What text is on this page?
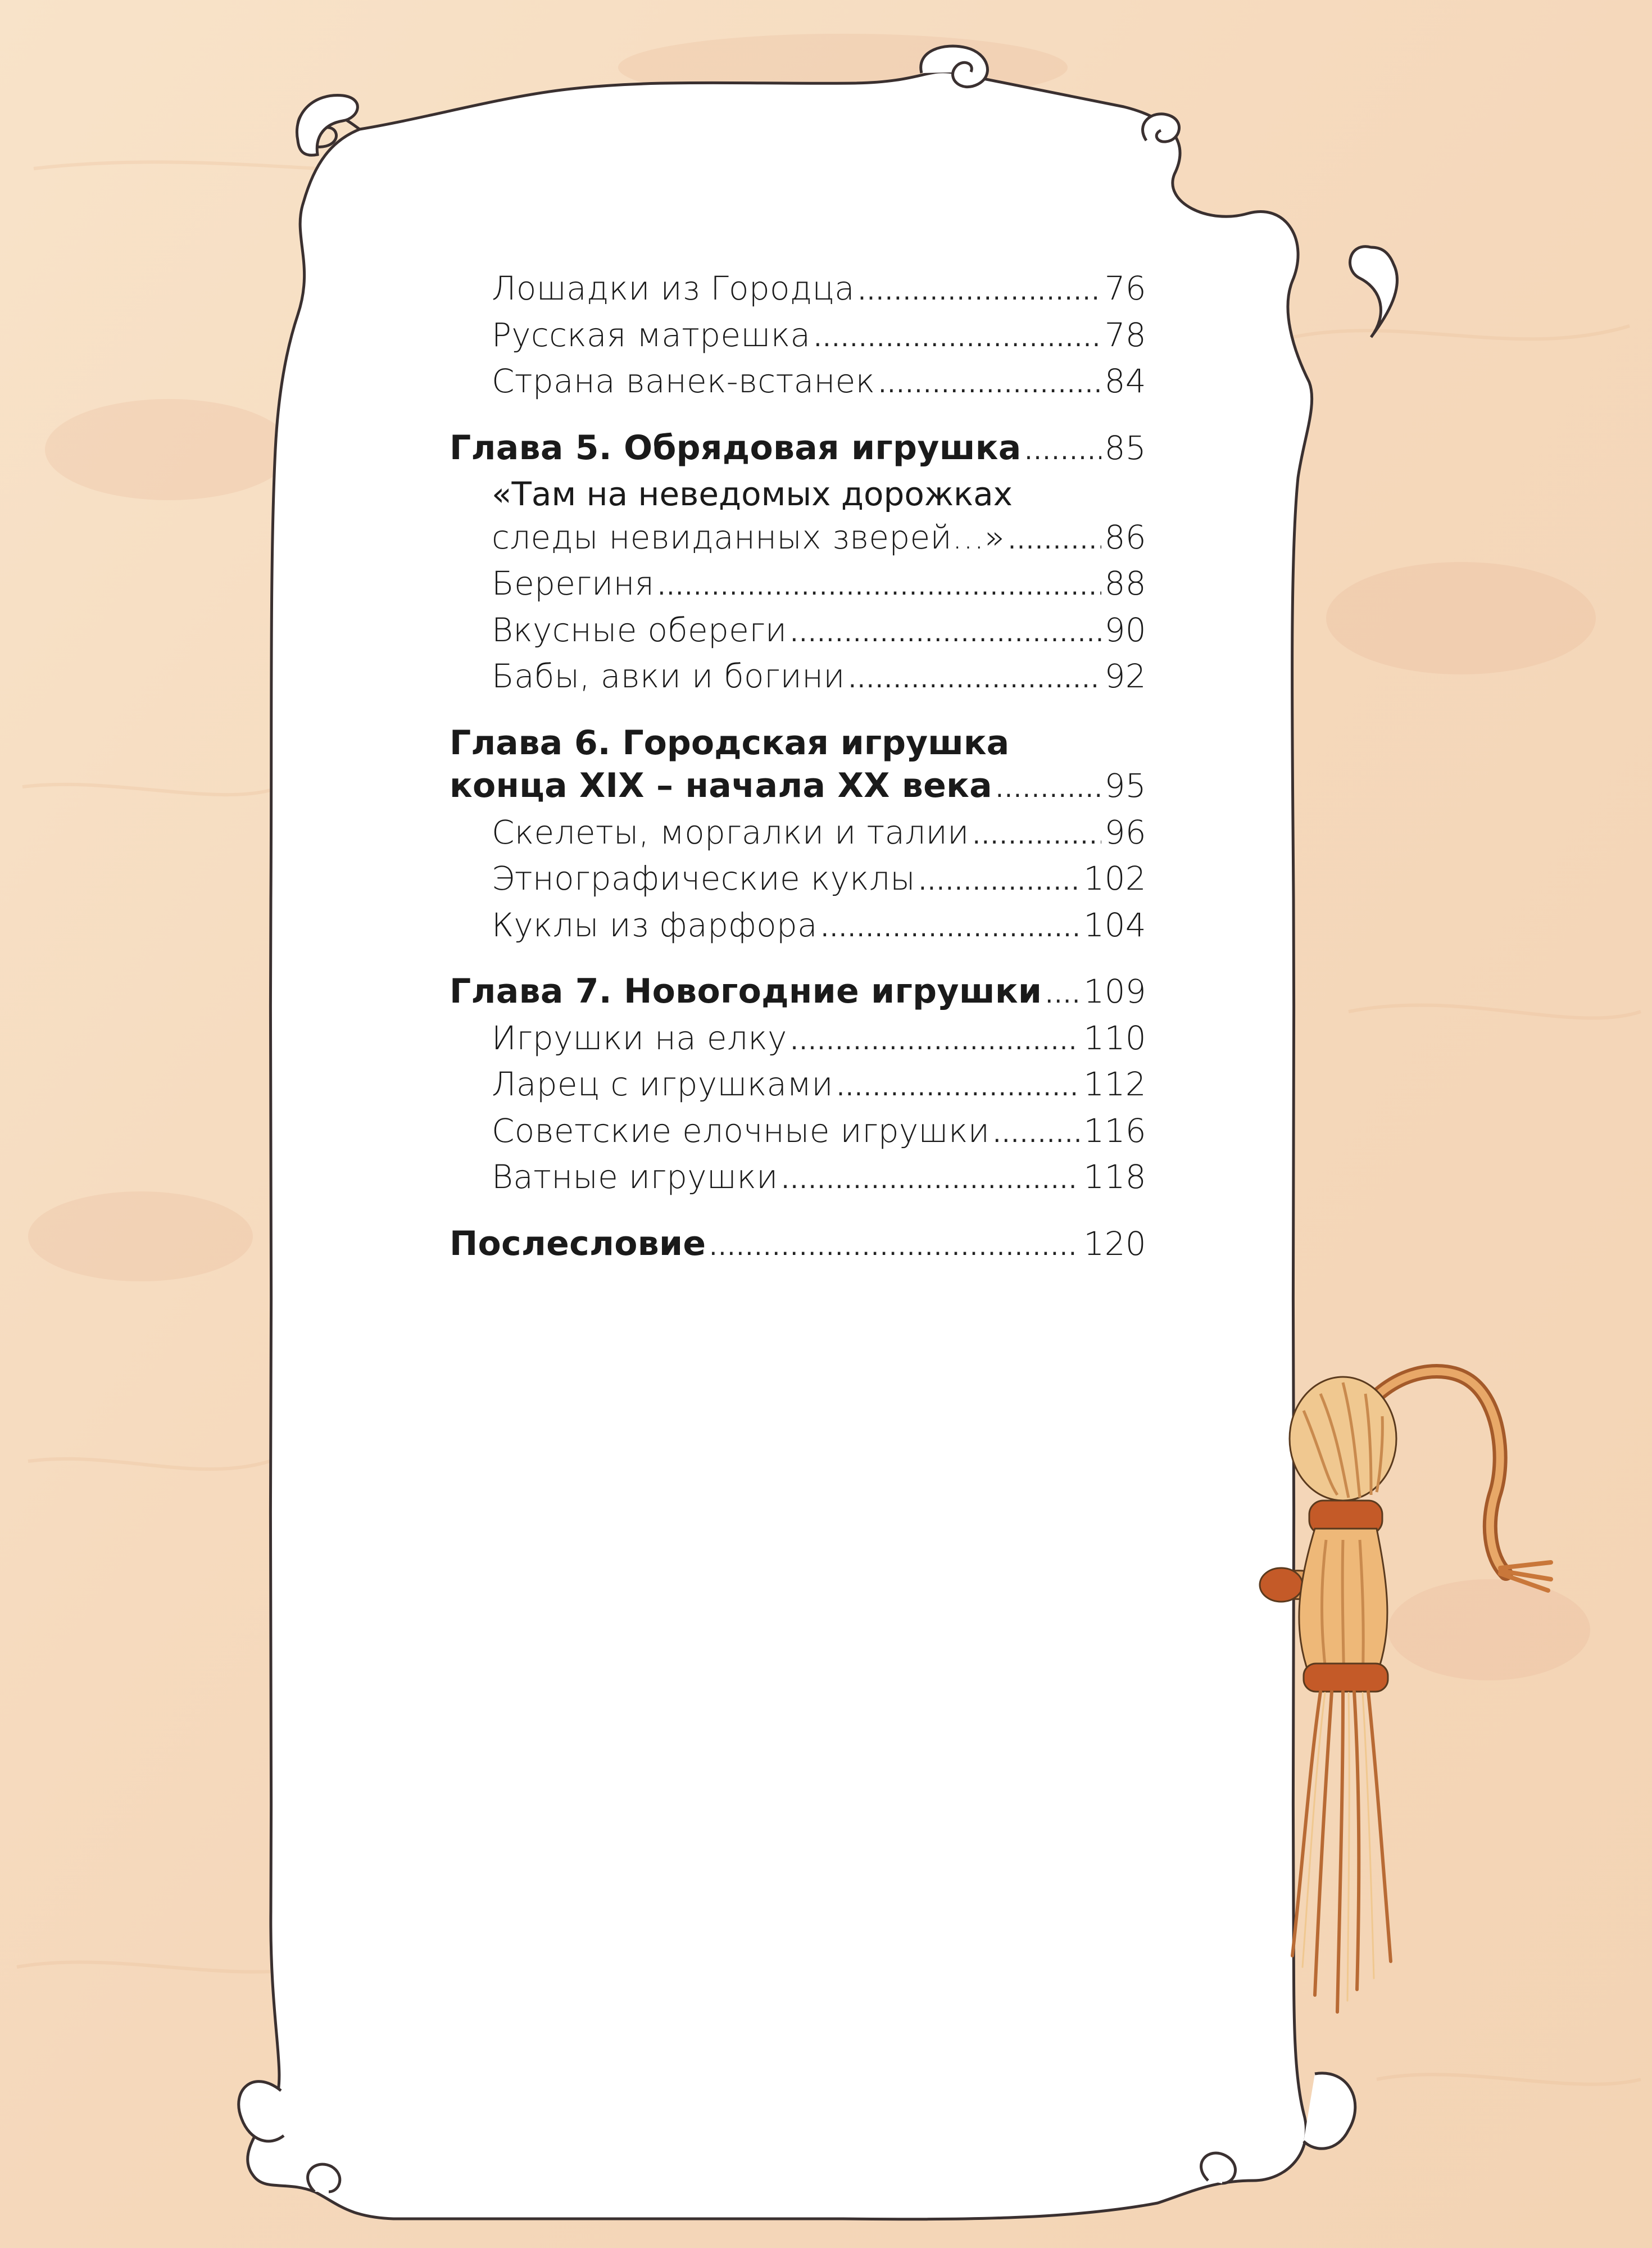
Лошадки из Городца .....	76
Русская матрешка .....	78
Страна ванек-встанек .....	84
Глава 5. Обрядовая игрушка .....	85
«Там на неведомых дорожках
следы невиданных зверей…» .....	86
Берегиня .....	88
Вкусные обереги .....	90
Бабы, авки и богини .....	92
Глава 6. Городская игрушка
конца XIX – начала XX века .....	95
Скелеты, моргалки и талии .....	96
Этнографические куклы .....	102
Куклы из фарфора .....	104
Глава 7. Новогодние игрушки ..... 109
Игрушки на елку .....	110
Ларец с игрушками .....	112
Советские елочные игрушки .....	116
Ватные игрушки .....	118
Послесловие .....	120
